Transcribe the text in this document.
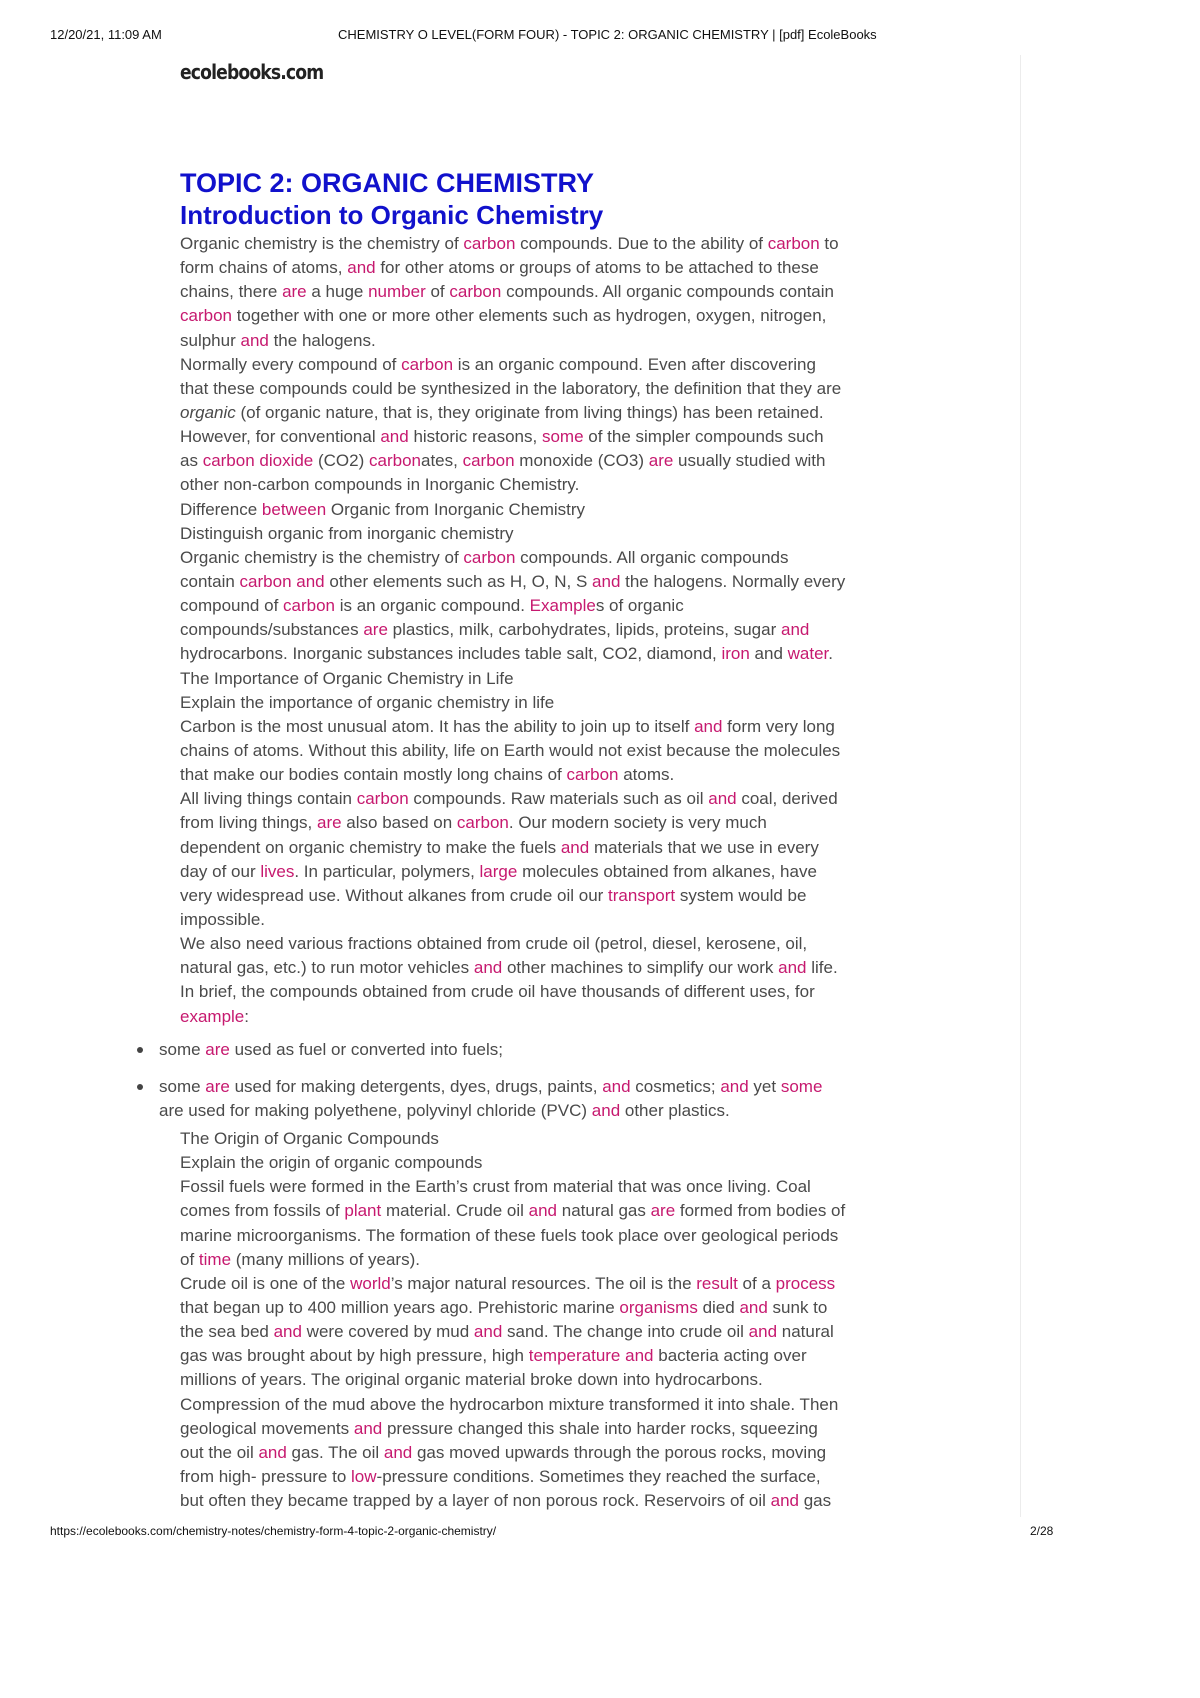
12/20/21, 11:09 AM	CHEMISTRY O LEVEL(FORM FOUR) - TOPIC 2: ORGANIC CHEMISTRY | [pdf] EcoleBooks
ecolebooks.com
TOPIC 2: ORGANIC CHEMISTRY
Introduction to Organic Chemistry
Organic chemistry is the chemistry of carbon compounds. Due to the ability of carbon to
form chains of atoms, and for other atoms or groups of atoms to be attached to these
chains, there are a huge number of carbon compounds. All organic compounds contain
carbon together with one or more other elements such as hydrogen, oxygen, nitrogen,
sulphur and the halogens.
Normally every compound of carbon is an organic compound. Even after discovering
that these compounds could be synthesized in the laboratory, the definition that they are
organic (of organic nature, that is, they originate from living things) has been retained.
However, for conventional and historic reasons, some of the simpler compounds such
as carbon dioxide (CO2) carbonates, carbon monoxide (CO3) are usually studied with
other non-carbon compounds in Inorganic Chemistry.
Difference between Organic from Inorganic Chemistry
Distinguish organic from inorganic chemistry
Organic chemistry is the chemistry of carbon compounds. All organic compounds
contain carbon and other elements such as H, O, N, S and the halogens. Normally every
compound of carbon is an organic compound. Examples of organic
compounds/substances are plastics, milk, carbohydrates, lipids, proteins, sugar and
hydrocarbons. Inorganic substances includes table salt, CO2, diamond, iron and water.
The Importance of Organic Chemistry in Life
Explain the importance of organic chemistry in life
Carbon is the most unusual atom. It has the ability to join up to itself and form very long
chains of atoms. Without this ability, life on Earth would not exist because the molecules
that make our bodies contain mostly long chains of carbon atoms.
All living things contain carbon compounds. Raw materials such as oil and coal, derived
from living things, are also based on carbon. Our modern society is very much
dependent on organic chemistry to make the fuels and materials that we use in every
day of our lives. In particular, polymers, large molecules obtained from alkanes, have
very widespread use. Without alkanes from crude oil our transport system would be
impossible.
We also need various fractions obtained from crude oil (petrol, diesel, kerosene, oil,
natural gas, etc.) to run motor vehicles and other machines to simplify our work and life.
In brief, the compounds obtained from crude oil have thousands of different uses, for
example:
some are used as fuel or converted into fuels;
some are used for making detergents, dyes, drugs, paints, and cosmetics; and yet some
are used for making polyethene, polyvinyl chloride (PVC) and other plastics.
The Origin of Organic Compounds
Explain the origin of organic compounds
Fossil fuels were formed in the Earth’s crust from material that was once living. Coal
comes from fossils of plant material. Crude oil and natural gas are formed from bodies of
marine microorganisms. The formation of these fuels took place over geological periods
of time (many millions of years).
Crude oil is one of the world’s major natural resources. The oil is the result of a process
that began up to 400 million years ago. Prehistoric marine organisms died and sunk to
the sea bed and were covered by mud and sand. The change into crude oil and natural
gas was brought about by high pressure, high temperature and bacteria acting over
millions of years. The original organic material broke down into hydrocarbons.
Compression of the mud above the hydrocarbon mixture transformed it into shale. Then
geological movements and pressure changed this shale into harder rocks, squeezing
out the oil and gas. The oil and gas moved upwards through the porous rocks, moving
from high- pressure to low-pressure conditions. Sometimes they reached the surface,
but often they became trapped by a layer of non porous rock. Reservoirs of oil and gas
https://ecolebooks.com/chemistry-notes/chemistry-form-4-topic-2-organic-chemistry/	2/28
